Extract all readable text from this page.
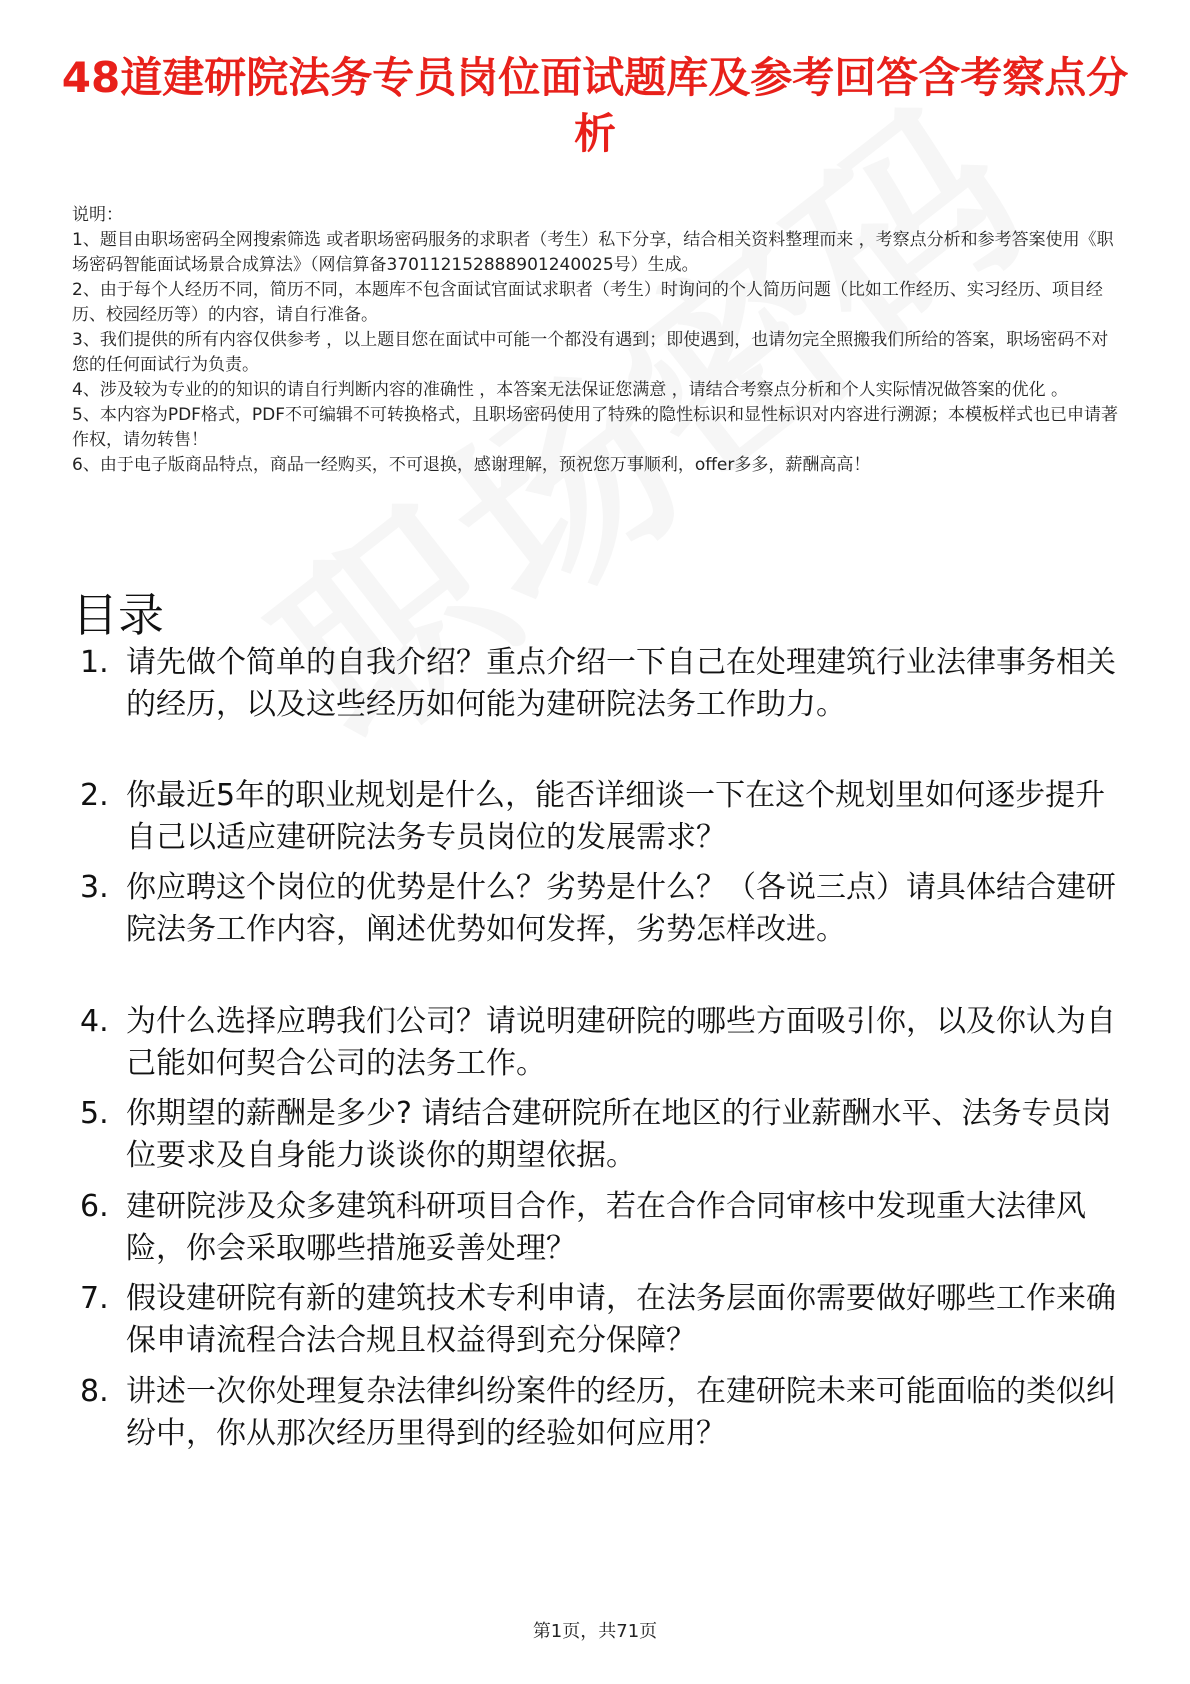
48道建研院法务专员岗位面试题库及参考回答含考察点分析

说明：

1、题目由职场密码全网搜索筛选 或者职场密码服务的求职者（考生）私下分享，结合相关资料整理而来 ，考察点分析和参考答案使用《职场密码智能面试场景合成算法》（网信算备370112152888901240025号）生成。

2、由于每个人经历不同，简历不同，本题库不包含面试官面试求职者（考生）时询问的个人简历问题（比如工作经历、实习经历、项目经历、校园经历等）的内容，请自行准备。

3、我们提供的所有内容仅供参考 ，以上题目您在面试中可能一个都没有遇到；即使遇到，也请勿完全照搬我们所给的答案，职场密码不对您的任何面试行为负责。

4、涉及较为专业的的知识的请自行判断内容的准确性 ，本答案无法保证您满意 ，请结合考察点分析和个人实际情况做答案的优化 。

5、本内容为PDF格式，PDF不可编辑不可转换格式，且职场密码使用了特殊的隐性标识和显性标识对内容进行溯源；本模板样式也已申请著作权，请勿转售！

6、由于电子版商品特点，商品一经购买，不可退换，感谢理解，预祝您万事顺利，offer多多，薪酬高高！

目录
1. 请先做个简单的自我介绍？重点介绍一下自己在处理建筑行业法律事务相关的经历，以及这些经历如何能为建研院法务工作助力。
2. 你最近5年的职业规划是什么，能否详细谈一下在这个规划里如何逐步提升自己以适应建研院法务专员岗位的发展需求？
3. 你应聘这个岗位的优势是什么？劣势是什么？（各说三点）请具体结合建研院法务工作内容，阐述优势如何发挥，劣势怎样改进。
4. 为什么选择应聘我们公司？请说明建研院的哪些方面吸引你，以及你认为自己能如何契合公司的法务工作。
5. 你期望的薪酬是多少? 请结合建研院所在地区的行业薪酬水平、法务专员岗位要求及自身能力谈谈你的期望依据。
6. 建研院涉及众多建筑科研项目合作，若在合作合同审核中发现重大法律风险，你会采取哪些措施妥善处理？
7. 假设建研院有新的建筑技术专利申请，在法务层面你需要做好哪些工作来确保申请流程合法合规且权益得到充分保障？
8. 讲述一次你处理复杂法律纠纷案件的经历，在建研院未来可能面临的类似纠纷中，你从那次经历里得到的经验如何应用？
第1页，共71页
